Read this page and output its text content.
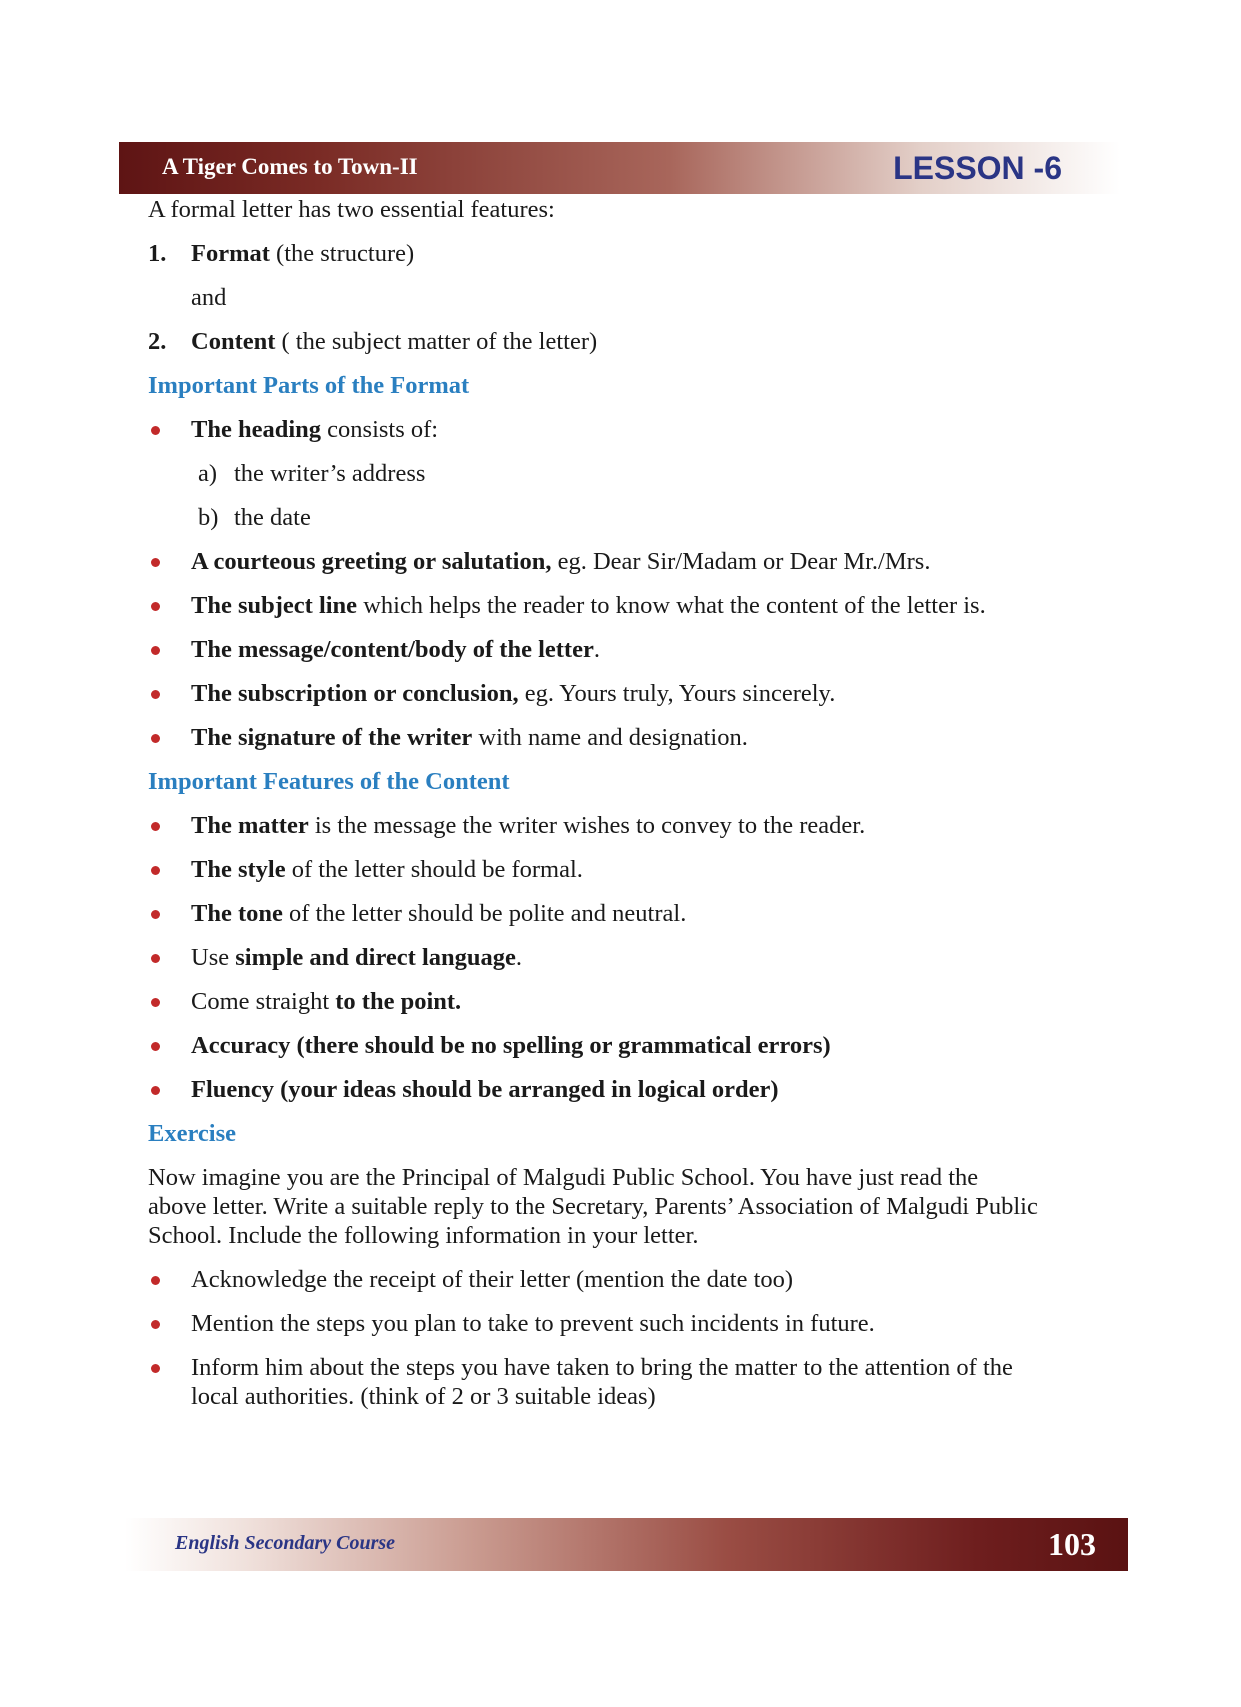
A Tiger Comes to Town-II	LESSON -6
A formal letter has two essential features:
1. Format (the structure)
and
2. Content ( the subject matter of the letter)
Important Parts of the Format
The heading consists of:
a) the writer’s address
b) the date
A courteous greeting or salutation, eg. Dear Sir/Madam or Dear Mr./Mrs.
The subject line which helps the reader to know what the content of the letter is.
The message/content/body of the letter.
The subscription or conclusion, eg. Yours truly, Yours sincerely.
The signature of the writer with name and designation.
Important Features of the Content
The matter is the message the writer wishes to convey to the reader.
The style of the letter should be formal.
The tone of the letter should be polite and neutral.
Use simple and direct language.
Come straight to the point.
Accuracy (there should be no spelling or grammatical errors)
Fluency (your ideas should be arranged in logical order)
Exercise
Now imagine you are the Principal of Malgudi Public School. You have just read the
above letter. Write a suitable reply to the Secretary, Parents’ Association of Malgudi Public
School. Include the following information in your letter.
Acknowledge the receipt of their letter (mention the date too)
Mention the steps you plan to take to prevent such incidents in future.
Inform him about the steps you have taken to bring the matter to the attention of the
local authorities. (think of 2 or 3 suitable ideas)
English Secondary Course	103
